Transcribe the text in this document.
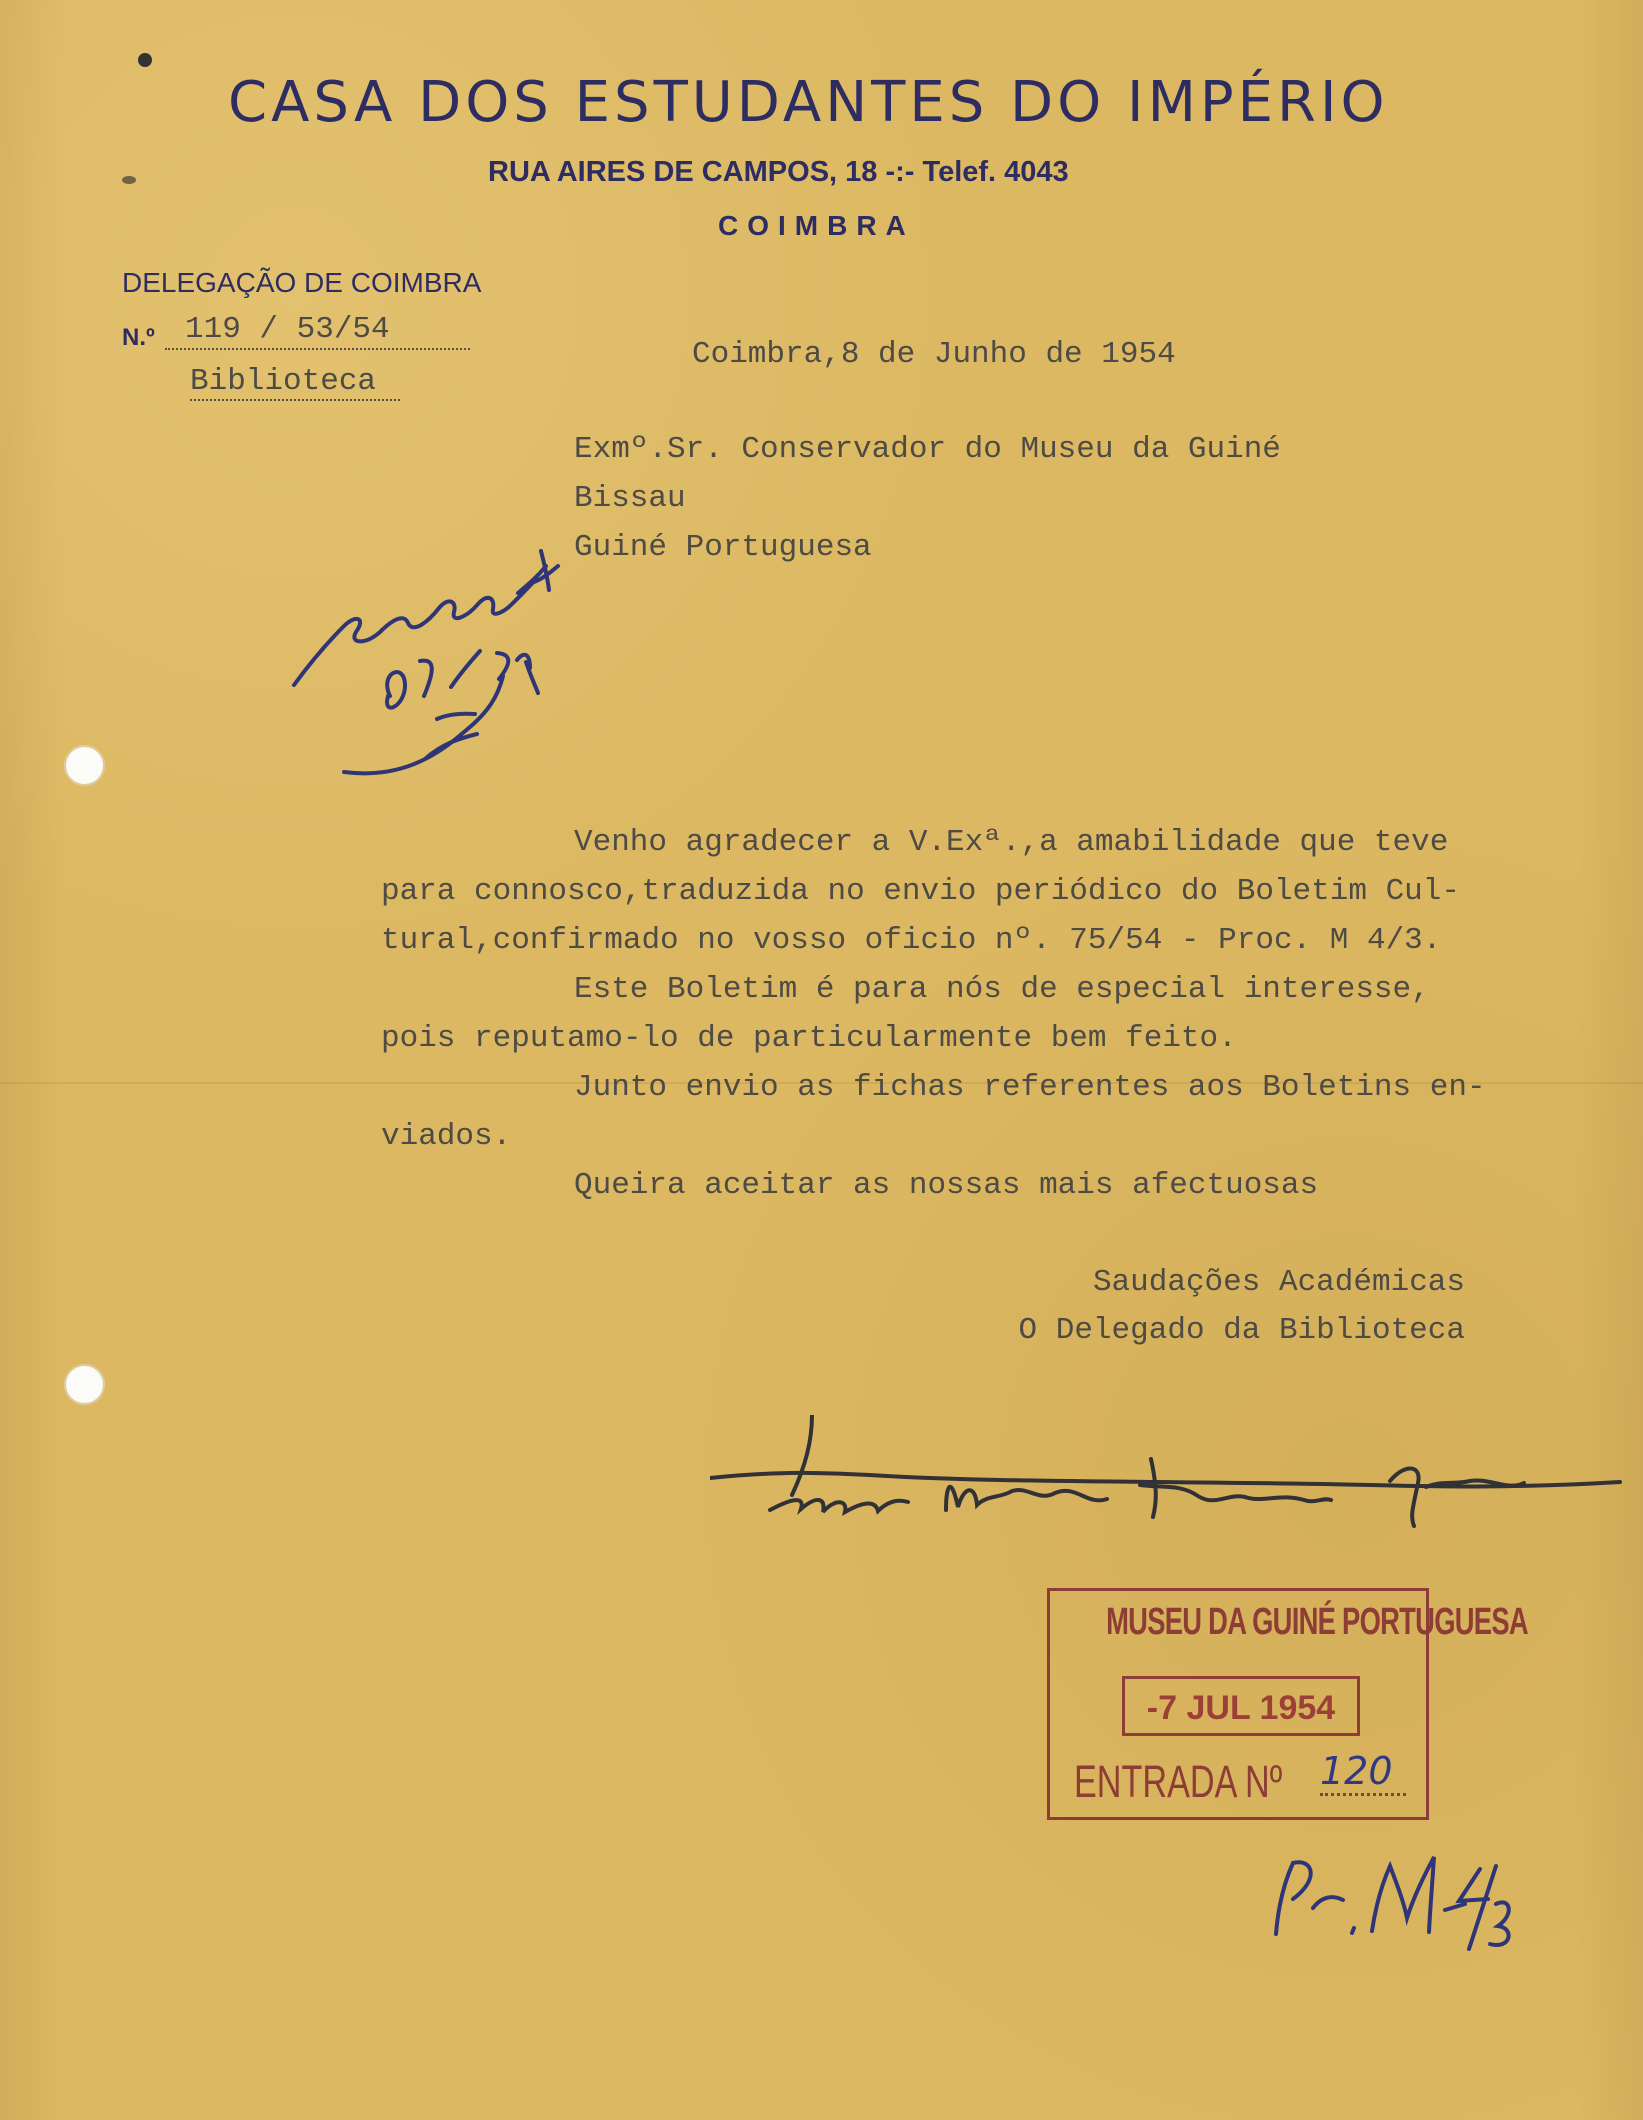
CASA DOS ESTUDANTES DO IMPÉRIO
RUA AIRES DE CAMPOS, 18 -:- Telef. 4043
COIMBRA
DELEGAÇÃO DE COIMBRA
N.º 119 / 53/54
Biblioteca
Coimbra,8 de Junho de 1954
Exmº.Sr. Conservador do Museu da Guiné
Bissau
Guiné Portuguesa
Venho agradecer a V.Exª.,a amabilidade que teve
para connosco,traduzida no envio periódico do Boletim Cul-
tural,confirmado no vosso oficio nº. 75/54 - Proc. M 4/3.
Este Boletim é para nós de especial interesse,
pois reputamo-lo de particularmente bem feito.
Junto envio as fichas referentes aos Boletins en-
viados.
Queira aceitar as nossas mais afectuosas
Saudações Académicas
O Delegado da Biblioteca
MUSEU DA GUINÉ PORTUGUESA
-7 JUL 1954
ENTRADA Nº 120
